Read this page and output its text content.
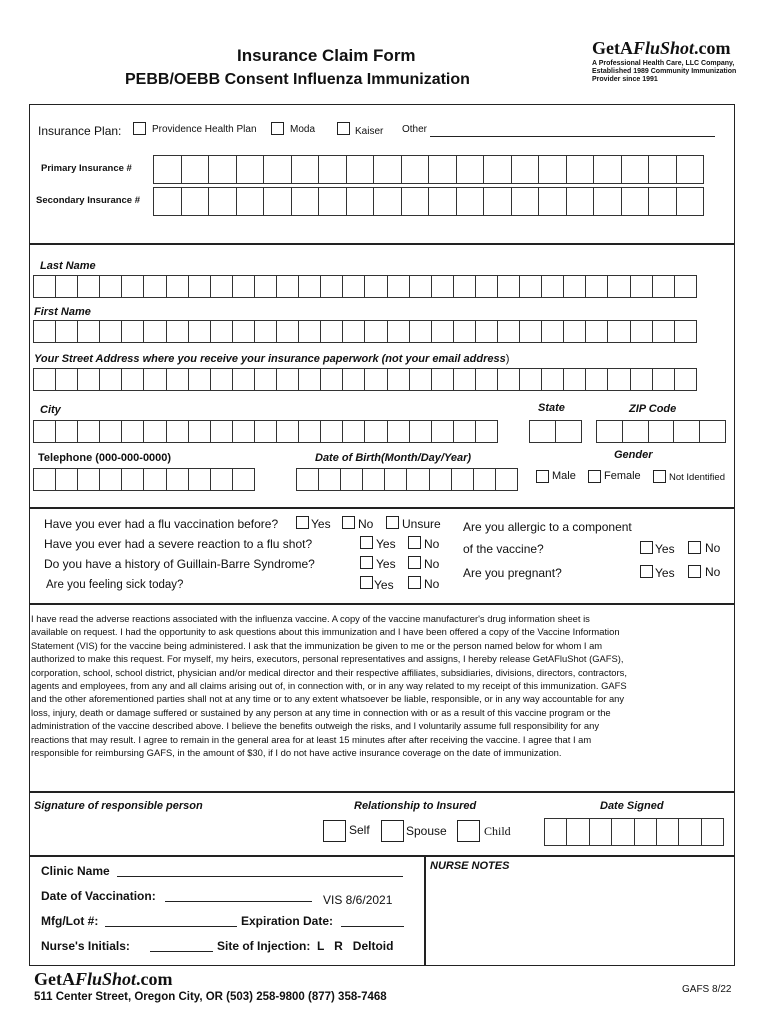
Insurance Claim Form
PEBB/OEBB Consent Influenza Immunization
GetAFluShot.com
A Professional Health Care, LLC Company,
Established 1989 Community Immunization
Provider since 1991
Insurance Plan:	Providence Health Plan	Moda	Kaiser Other
Primary Insurance #
Secondary Insurance #
Last Name
First Name
Your Street Address where you receive your insurance paperwork (not your email address)
City	State	ZIP Code
Telephone (000-000-0000)	Date of Birth(Month/Day/Year)	Gender
Male	Female	Not Identified
Have you ever had a flu vaccination before?	Yes No Unsure
Have you ever had a severe reaction to a flu shot?	Yes No
Do you have a history of Guillain-Barre Syndrome?	Yes No
Are you feeling sick today?	Yes	No
Are you allergic to a component
of the vaccine?	Yes	No
Are you pregnant?	Yes	No
I have read the adverse reactions associated with the influenza vaccine. A copy of the vaccine manufacturer's drug information sheet is
available on request. I had the opportunity to ask questions about this immunization and I have been offered a copy of the Vaccine Information
Statement (VIS) for the vaccine being administered. I ask that the immunization be given to me or the person named below for whom I am
authorized to make this request. For myself, my heirs, executors, personal representatives and assigns, I hereby release GetAFluShot (GAFS),
corporation, school, school district, physician and/or medical director and their respective affiliates, subsidiaries, divisions, directors, contractors,
agents and employees, from any and all claims arising out of, in connection with, or in any way related to my receipt of this immunization. GAFS
and the other aforementioned parties shall not at any time or to any extent whatsoever be liable, responsible, or in any way accountable for any
loss, injury, death or damage suffered or sustained by any person at any time in connection with or as a result of this vaccine program or the
administration of the vaccine described above. I believe the benefits outweigh the risks, and I voluntarily assume full responsibility for any
reactions that may result. I agree to remain in the general area for at least 15 minutes after after receiving the vaccine. I agree that I am
responsible for reimbursing GAFS, in the amount of $30, if I do not have active insurance coverage on the date of immunization.
Signature of responsible person	Relationship to Insured	Date Signed
Self	Spouse	Child
NURSE NOTES
Clinic Name
Date of Vaccination:	VIS 8/6/2021
Mfg/Lot #:	Expiration Date:
Nurse's Initials:	Site of Injection:  L   R   Deltoid
GetAFluShot.com
511 Center Street, Oregon City, OR (503) 258-9800 (877) 358-7468
GAFS 8/22
